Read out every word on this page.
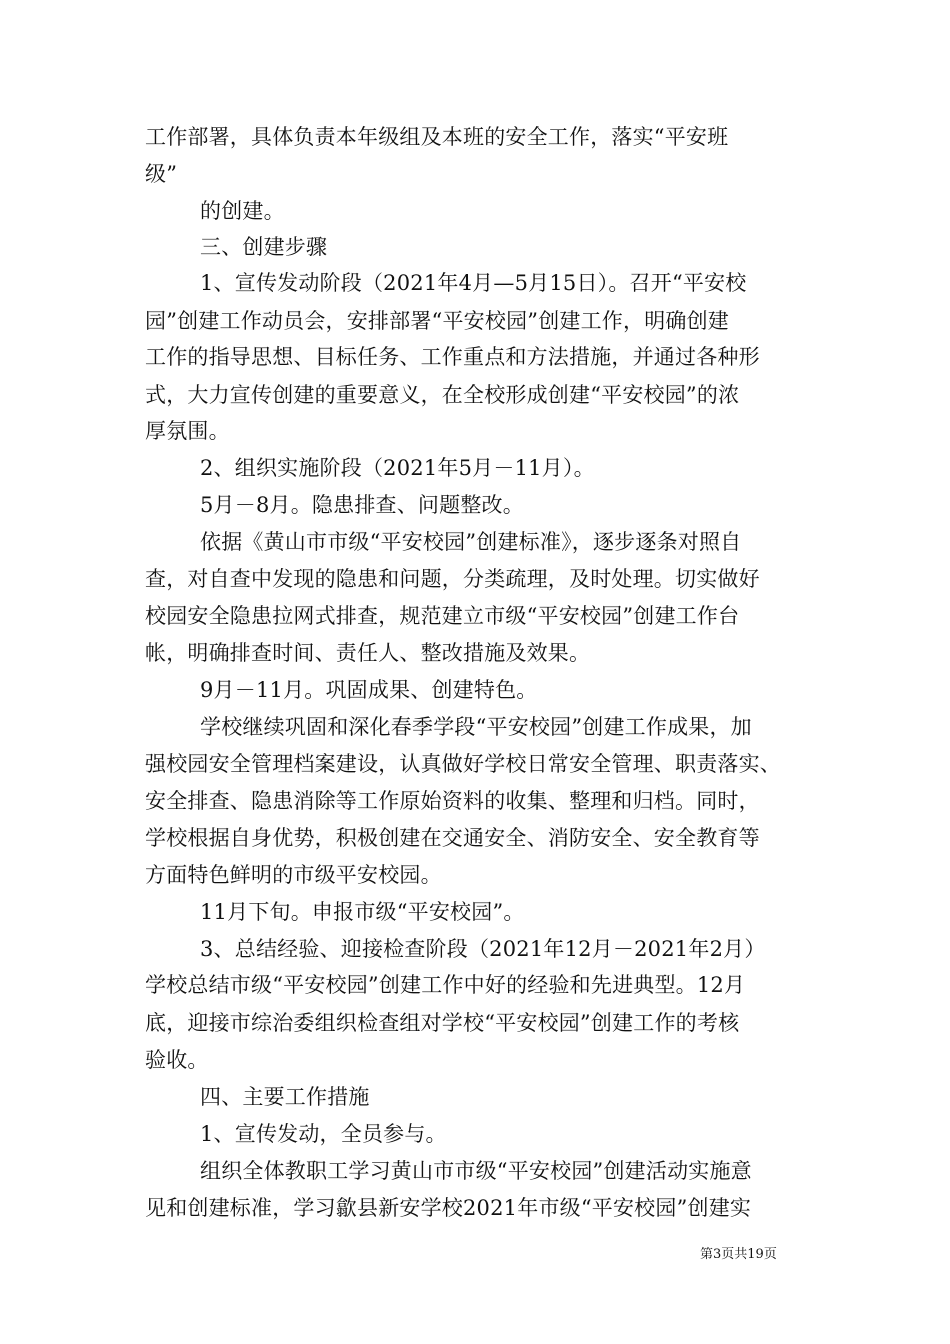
工作部署，具体负责本年级组及本班的安全工作，落实“平安班
级”
的创建。
三、创建步骤
1、宣传发动阶段（2021年4月—5月15日）。召开“平安校
园”创建工作动员会，安排部署“平安校园”创建工作，明确创建
工作的指导思想、目标任务、工作重点和方法措施，并通过各种形
式，大力宣传创建的重要意义，在全校形成创建“平安校园”的浓
厚氛围。
2、组织实施阶段（2021年5月－11月）。
5月－8月。隐患排查、问题整改。
依据《黄山市市级“平安校园”创建标准》，逐步逐条对照自
查，对自查中发现的隐患和问题，分类疏理，及时处理。切实做好
校园安全隐患拉网式排查，规范建立市级“平安校园”创建工作台
帐，明确排查时间、责任人、整改措施及效果。
9月－11月。巩固成果、创建特色。
学校继续巩固和深化春季学段“平安校园”创建工作成果，加
强校园安全管理档案建设，认真做好学校日常安全管理、职责落实、
安全排查、隐患消除等工作原始资料的收集、整理和归档。同时，
学校根据自身优势，积极创建在交通安全、消防安全、安全教育等
方面特色鲜明的市级平安校园。
11月下旬。申报市级“平安校园”。
3、总结经验、迎接检查阶段（2021年12月－2021年2月）
学校总结市级“平安校园”创建工作中好的经验和先进典型。12月
底，迎接市综治委组织检查组对学校“平安校园”创建工作的考核
验收。
四、主要工作措施
1、宣传发动，全员参与。
组织全体教职工学习黄山市市级“平安校园”创建活动实施意
见和创建标准，学习歙县新安学校2021年市级“平安校园”创建实
第3页共19页
